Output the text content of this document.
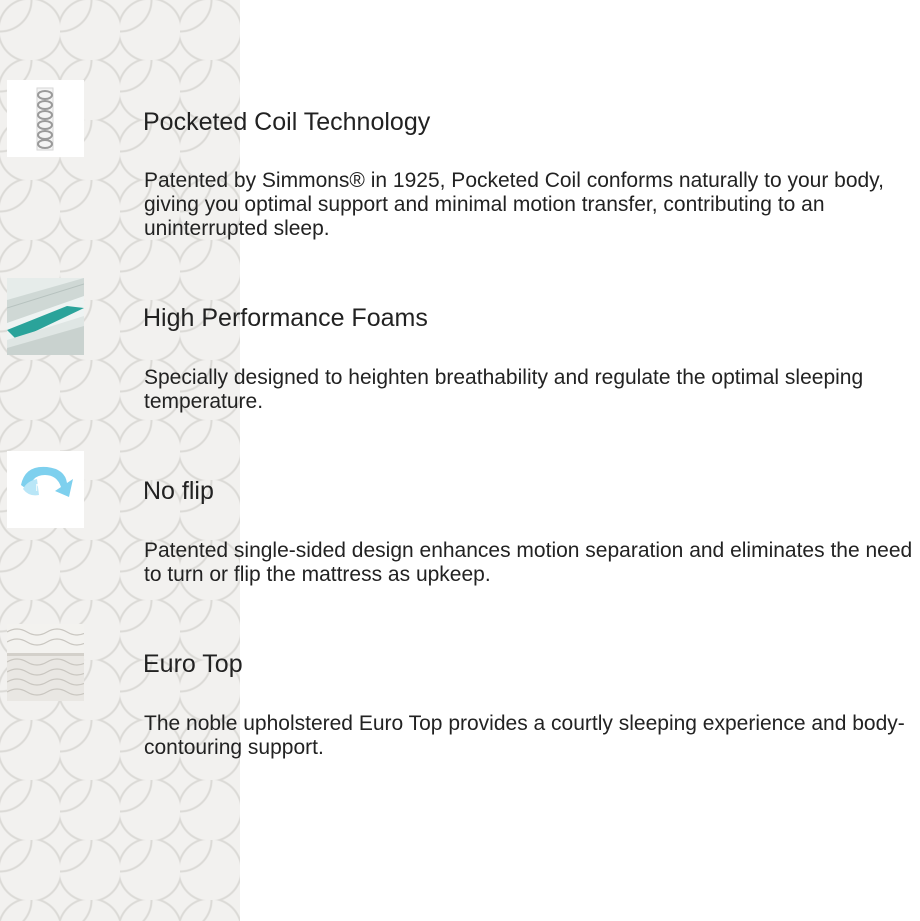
Pocketed Coil Technology

Patented by Simmons® in 1925, Pocketed Coil conforms naturally to your body, giving you optimal support and minimal motion transfer, contributing to an uninterrupted sleep.

High Performance Foams

Specially designed to heighten breathability and regulate the optimal sleeping temperature.

NO	No flip

Patented single-sided design enhances motion separation and eliminates the need to turn or flip the mattress as upkeep.

Euro Top

The noble upholstered Euro Top provides a courtly sleeping experience and body-contouring support.
